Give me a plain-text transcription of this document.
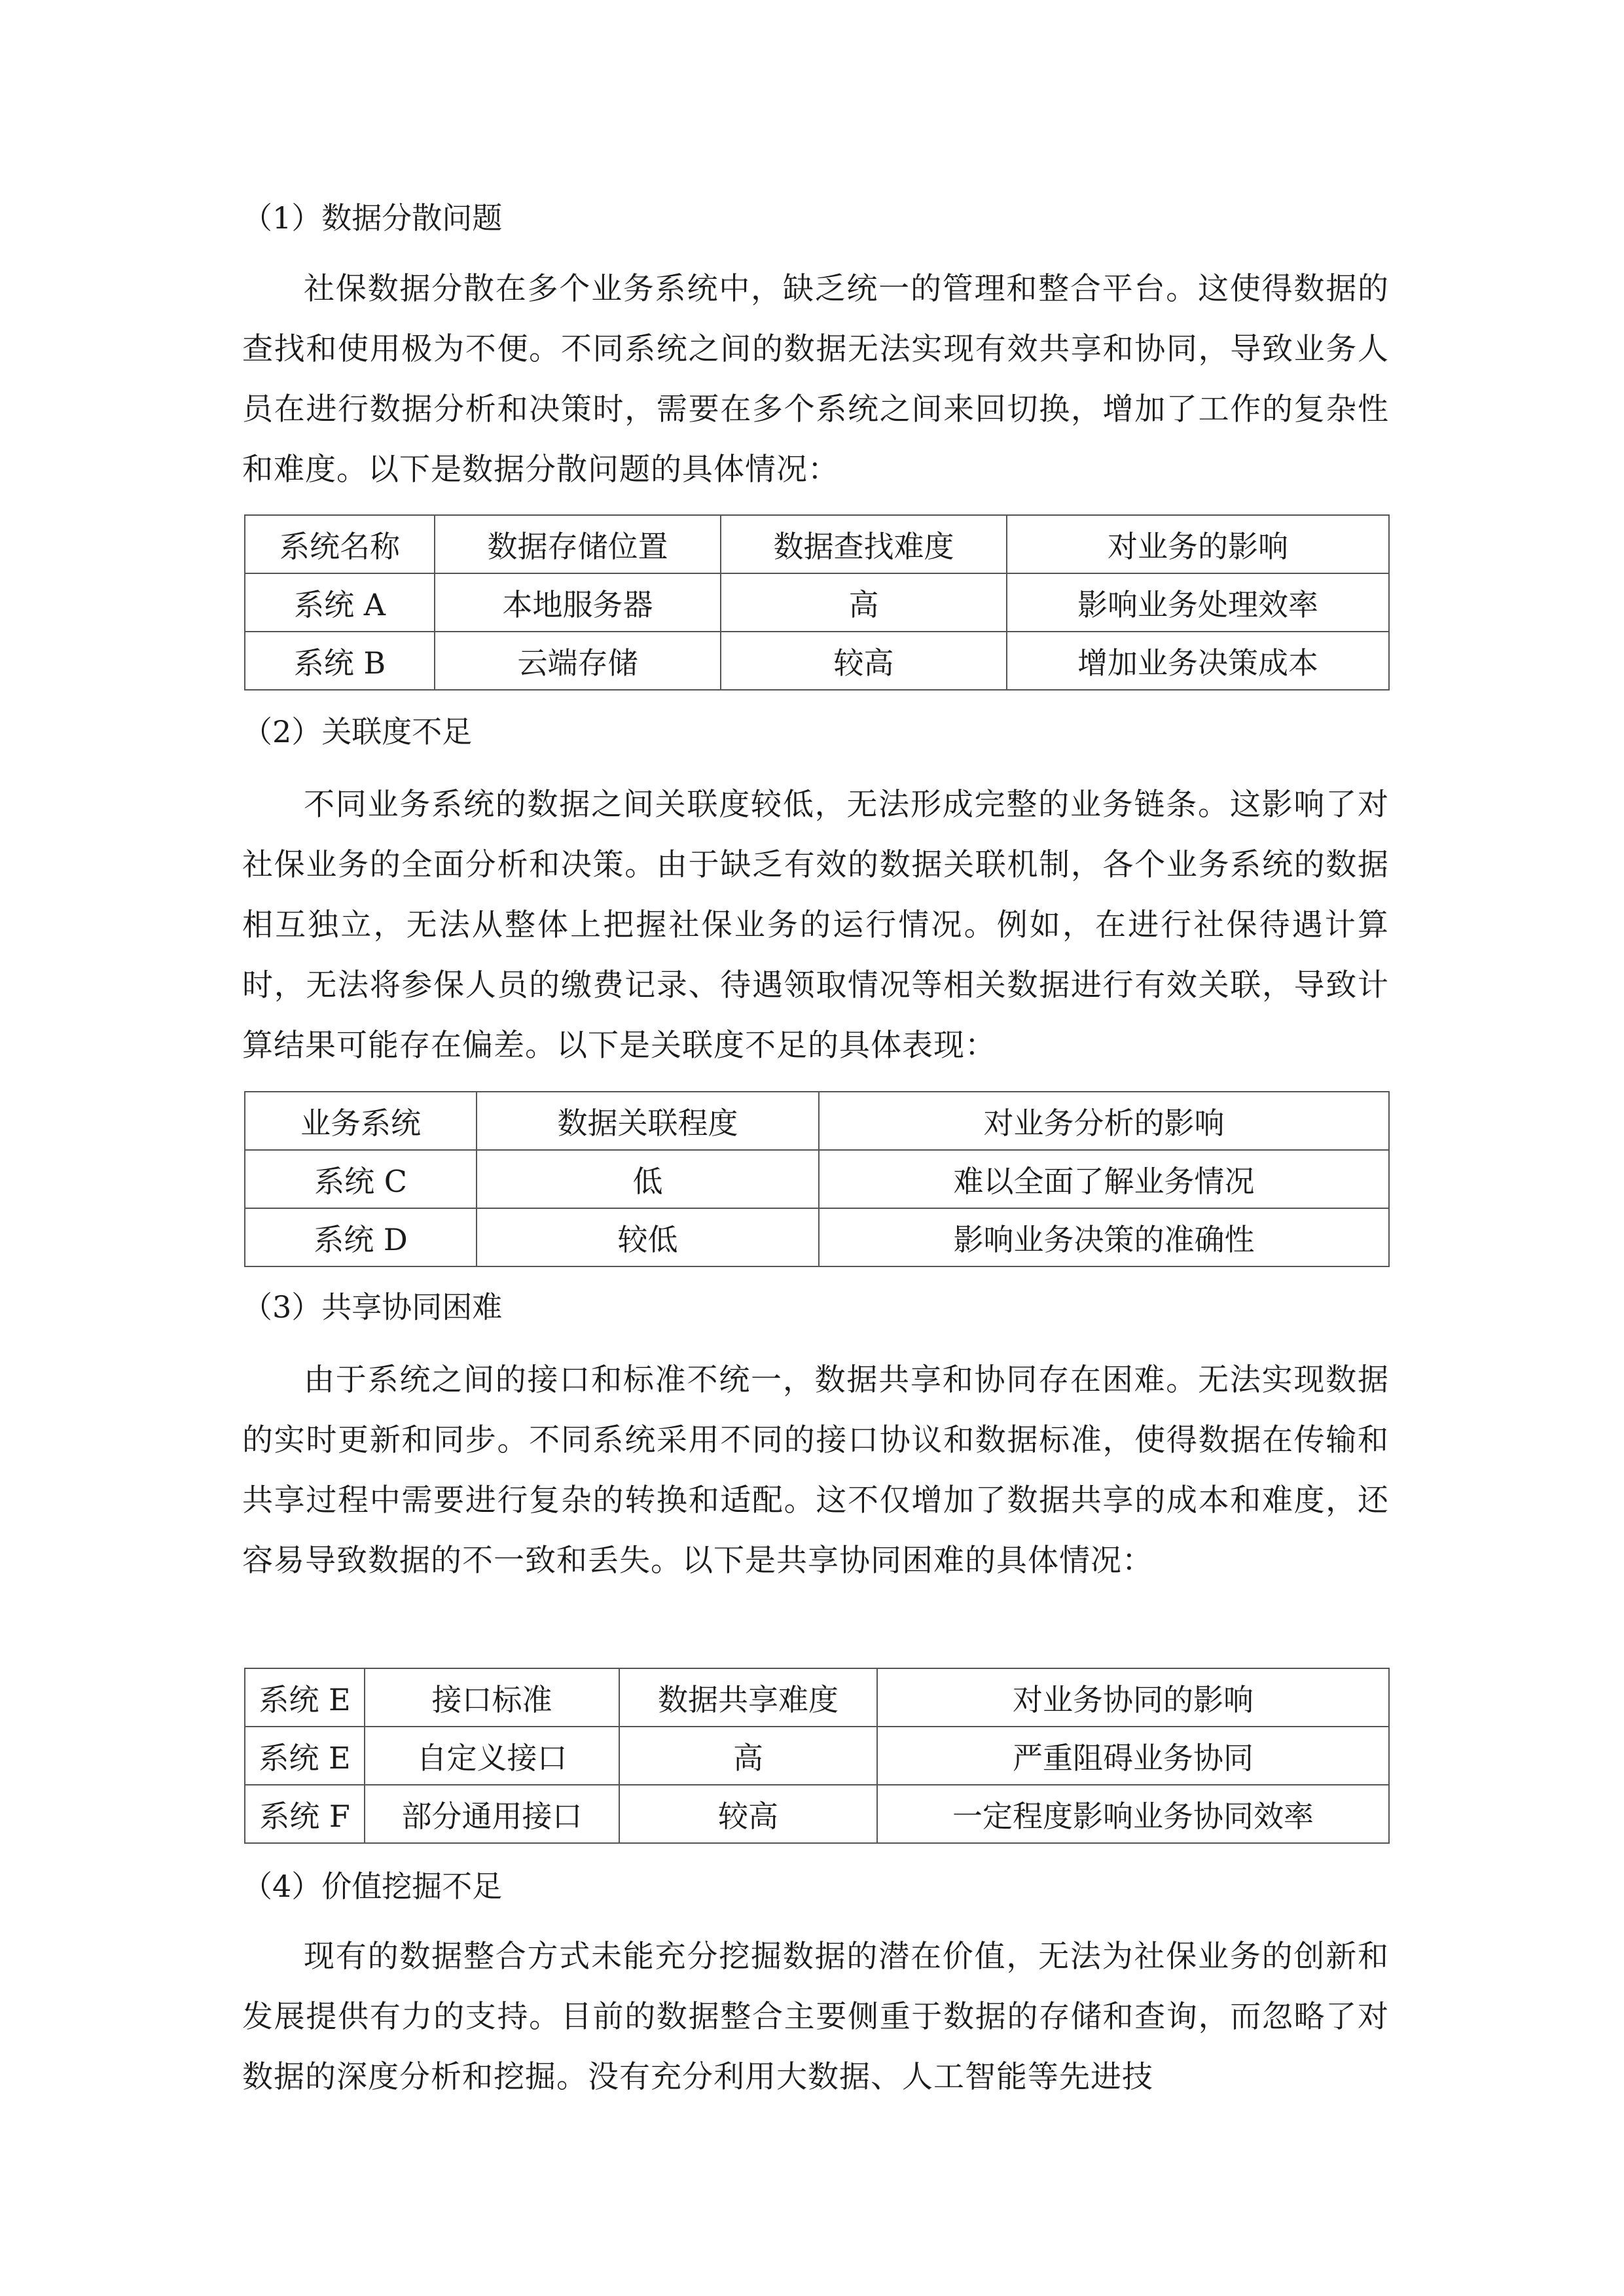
（1）数据分散问题
社保数据分散在多个业务系统中，缺乏统一的管理和整合平台。这使得数据的查找和使用极为不便。不同系统之间的数据无法实现有效共享和协同，导致业务人员在进行数据分析和决策时，需要在多个系统之间来回切换，增加了工作的复杂性和难度。以下是数据分散问题的具体情况：
系统名称	数据存储位置	数据查找难度	对业务的影响
系统 A	本地服务器	高	影响业务处理效率
系统 B	云端存储	较高	增加业务决策成本
（2）关联度不足
不同业务系统的数据之间关联度较低，无法形成完整的业务链条。这影响了对社保业务的全面分析和决策。由于缺乏有效的数据关联机制，各个业务系统的数据相互独立，无法从整体上把握社保业务的运行情况。例如，在进行社保待遇计算时，无法将参保人员的缴费记录、待遇领取情况等相关数据进行有效关联，导致计算结果可能存在偏差。以下是关联度不足的具体表现：
业务系统	数据关联程度	对业务分析的影响
系统 C	低	难以全面了解业务情况
系统 D	较低	影响业务决策的准确性
（3）共享协同困难
由于系统之间的接口和标准不统一，数据共享和协同存在困难。无法实现数据的实时更新和同步。不同系统采用不同的接口协议和数据标准，使得数据在传输和共享过程中需要进行复杂的转换和适配。这不仅增加了数据共享的成本和难度，还容易导致数据的不一致和丢失。以下是共享协同困难的具体情况：
系统 E	接口标准	数据共享难度	对业务协同的影响
系统 E	自定义接口	高	严重阻碍业务协同
系统 F	部分通用接口	较高	一定程度影响业务协同效率
（4）价值挖掘不足
现有的数据整合方式未能充分挖掘数据的潜在价值，无法为社保业务的创新和发展提供有力的支持。目前的数据整合主要侧重于数据的存储和查询，而忽略了对数据的深度分析和挖掘。没有充分利用大数据、人工智能等先进技
